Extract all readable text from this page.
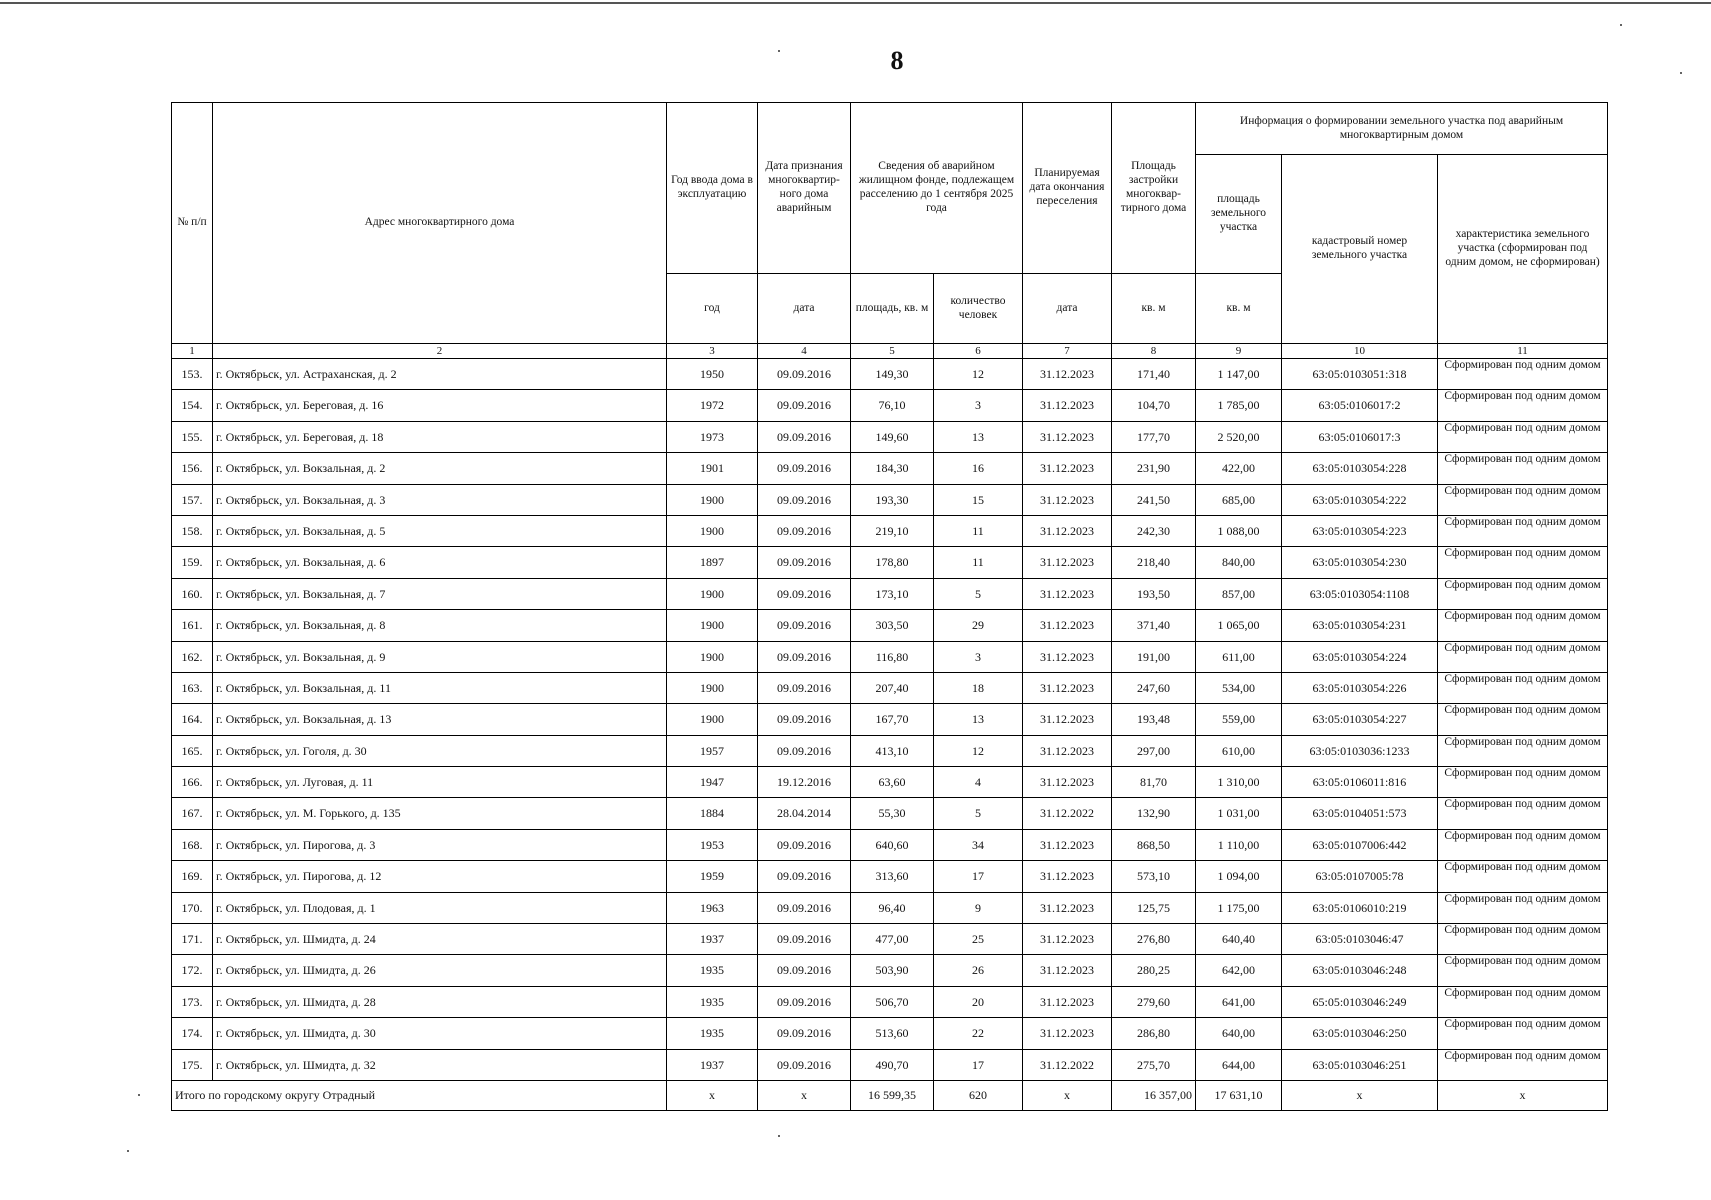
8
№ п/п	Адрес многоквартирного дома	Год ввода дома в эксплуатацию	Дата признания многоквартир-ного дома аварийным	Сведения об аварийном жилищном фонде, подлежащем расселению до 1 сентября 2025 года		Планируемая дата окончания переселения	Площадь застройки многоквар-тирного дома	Информация о формировании земельного участка под аварийным многоквартирным домом		
								площадь земельного участка	кадастровый номер земельного участка	характеристика земельного участка (сформирован под одним домом, не сформирован)
		год	дата	площадь, кв. м	количество человек	дата	кв. м	кв. м		
1	2	3	4	5	6	7	8	9	10	11
153.	г. Октябрьск, ул. Астраханская, д. 2	1950	09.09.2016	149,30	12	31.12.2023	171,40	1 147,00	63:05:0103051:318	Сформирован под одним домом
154.	г. Октябрьск, ул. Береговая, д. 16	1972	09.09.2016	76,10	3	31.12.2023	104,70	1 785,00	63:05:0106017:2	Сформирован под одним домом
155.	г. Октябрьск, ул. Береговая, д. 18	1973	09.09.2016	149,60	13	31.12.2023	177,70	2 520,00	63:05:0106017:3	Сформирован под одним домом
156.	г. Октябрьск, ул. Вокзальная, д. 2	1901	09.09.2016	184,30	16	31.12.2023	231,90	422,00	63:05:0103054:228	Сформирован под одним домом
157.	г. Октябрьск, ул. Вокзальная, д. 3	1900	09.09.2016	193,30	15	31.12.2023	241,50	685,00	63:05:0103054:222	Сформирован под одним домом
158.	г. Октябрьск, ул. Вокзальная, д. 5	1900	09.09.2016	219,10	11	31.12.2023	242,30	1 088,00	63:05:0103054:223	Сформирован под одним домом
159.	г. Октябрьск, ул. Вокзальная, д. 6	1897	09.09.2016	178,80	11	31.12.2023	218,40	840,00	63:05:0103054:230	Сформирован под одним домом
160.	г. Октябрьск, ул. Вокзальная, д. 7	1900	09.09.2016	173,10	5	31.12.2023	193,50	857,00	63:05:0103054:1108	Сформирован под одним домом
161.	г. Октябрьск, ул. Вокзальная, д. 8	1900	09.09.2016	303,50	29	31.12.2023	371,40	1 065,00	63:05:0103054:231	Сформирован под одним домом
162.	г. Октябрьск, ул. Вокзальная, д. 9	1900	09.09.2016	116,80	3	31.12.2023	191,00	611,00	63:05:0103054:224	Сформирован под одним домом
163.	г. Октябрьск, ул. Вокзальная, д. 11	1900	09.09.2016	207,40	18	31.12.2023	247,60	534,00	63:05:0103054:226	Сформирован под одним домом
164.	г. Октябрьск, ул. Вокзальная, д. 13	1900	09.09.2016	167,70	13	31.12.2023	193,48	559,00	63:05:0103054:227	Сформирован под одним домом
165.	г. Октябрьск, ул. Гоголя, д. 30	1957	09.09.2016	413,10	12	31.12.2023	297,00	610,00	63:05:0103036:1233	Сформирован под одним домом
166.	г. Октябрьск, ул. Луговая, д. 11	1947	19.12.2016	63,60	4	31.12.2023	81,70	1 310,00	63:05:0106011:816	Сформирован под одним домом
167.	г. Октябрьск, ул. М. Горького, д. 135	1884	28.04.2014	55,30	5	31.12.2022	132,90	1 031,00	63:05:0104051:573	Сформирован под одним домом
168.	г. Октябрьск, ул. Пирогова, д. 3	1953	09.09.2016	640,60	34	31.12.2023	868,50	1 110,00	63:05:0107006:442	Сформирован под одним домом
169.	г. Октябрьск, ул. Пирогова, д. 12	1959	09.09.2016	313,60	17	31.12.2023	573,10	1 094,00	63:05:0107005:78	Сформирован под одним домом
170.	г. Октябрьск, ул. Плодовая, д. 1	1963	09.09.2016	96,40	9	31.12.2023	125,75	1 175,00	63:05:0106010:219	Сформирован под одним домом
171.	г. Октябрьск, ул. Шмидта, д. 24	1937	09.09.2016	477,00	25	31.12.2023	276,80	640,40	63:05:0103046:47	Сформирован под одним домом
172.	г. Октябрьск, ул. Шмидта, д. 26	1935	09.09.2016	503,90	26	31.12.2023	280,25	642,00	63:05:0103046:248	Сформирован под одним домом
173.	г. Октябрьск, ул. Шмидта, д. 28	1935	09.09.2016	506,70	20	31.12.2023	279,60	641,00	65:05:0103046:249	Сформирован под одним домом
174.	г. Октябрьск, ул. Шмидта, д. 30	1935	09.09.2016	513,60	22	31.12.2023	286,80	640,00	63:05:0103046:250	Сформирован под одним домом
175.	г. Октябрьск, ул. Шмидта, д. 32	1937	09.09.2016	490,70	17	31.12.2022	275,70	644,00	63:05:0103046:251	Сформирован под одним домом
Итого по городскому округу Отрадный		x	x	16 599,35	620	x	16 357,00	17 631,10	x	x
